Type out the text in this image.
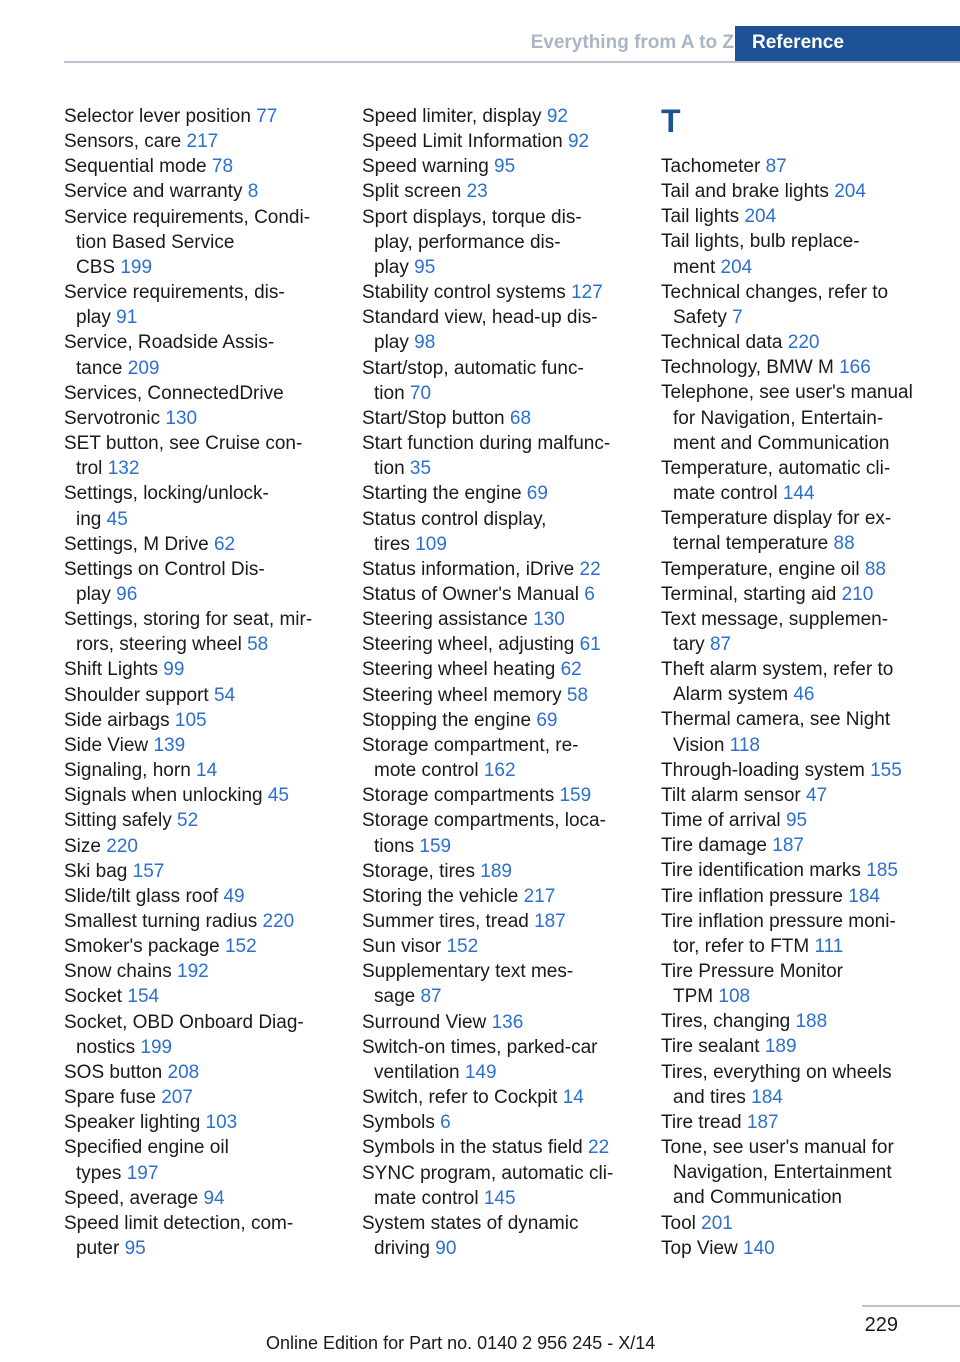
Everything from A to Z Reference
Selector lever position 77
Sensors, care 217
Sequential mode 78
Service and warranty 8
Service requirements, Condi-
tion Based Service
CBS 199
Service requirements, dis-
play 91
Service, Roadside Assis-
tance 209
Services, ConnectedDrive
Servotronic 130
SET button, see Cruise con-
trol 132
Settings, locking/unlock-
ing 45
Settings, M Drive 62
Settings on Control Dis-
play 96
Settings, storing for seat, mir-
rors, steering wheel 58
Shift Lights 99
Shoulder support 54
Side airbags 105
Side View 139
Signaling, horn 14
Signals when unlocking 45
Sitting safely 52
Size 220
Ski bag 157
Slide/tilt glass roof 49
Smallest turning radius 220
Smoker's package 152
Snow chains 192
Socket 154
Socket, OBD Onboard Diag-
nostics 199
SOS button 208
Spare fuse 207
Speaker lighting 103
Specified engine oil
types 197
Speed, average 94
Speed limit detection, com-
puter 95
Speed limiter, display 92
Speed Limit Information 92
Speed warning 95
Split screen 23
Sport displays, torque dis-
play, performance dis-
play 95
Stability control systems 127
Standard view, head-up dis-
play 98
Start/stop, automatic func-
tion 70
Start/Stop button 68
Start function during malfunc-
tion 35
Starting the engine 69
Status control display,
tires 109
Status information, iDrive 22
Status of Owner's Manual 6
Steering assistance 130
Steering wheel, adjusting 61
Steering wheel heating 62
Steering wheel memory 58
Stopping the engine 69
Storage compartment, re-
mote control 162
Storage compartments 159
Storage compartments, loca-
tions 159
Storage, tires 189
Storing the vehicle 217
Summer tires, tread 187
Sun visor 152
Supplementary text mes-
sage 87
Surround View 136
Switch-on times, parked-car
ventilation 149
Switch, refer to Cockpit 14
Symbols 6
Symbols in the status field 22
SYNC program, automatic cli-
mate control 145
System states of dynamic
driving 90
T
Tachometer 87
Tail and brake lights 204
Tail lights 204
Tail lights, bulb replace-
ment 204
Technical changes, refer to
Safety 7
Technical data 220
Technology, BMW M 166
Telephone, see user's manual
for Navigation, Entertain-
ment and Communication
Temperature, automatic cli-
mate control 144
Temperature display for ex-
ternal temperature 88
Temperature, engine oil 88
Terminal, starting aid 210
Text message, supplemen-
tary 87
Theft alarm system, refer to
Alarm system 46
Thermal camera, see Night
Vision 118
Through-loading system 155
Tilt alarm sensor 47
Time of arrival 95
Tire damage 187
Tire identification marks 185
Tire inflation pressure 184
Tire inflation pressure moni-
tor, refer to FTM 111
Tire Pressure Monitor
TPM 108
Tires, changing 188
Tire sealant 189
Tires, everything on wheels
and tires 184
Tire tread 187
Tone, see user's manual for
Navigation, Entertainment
and Communication
Tool 201
Top View 140
229
Online Edition for Part no. 0140 2 956 245 - X/14
